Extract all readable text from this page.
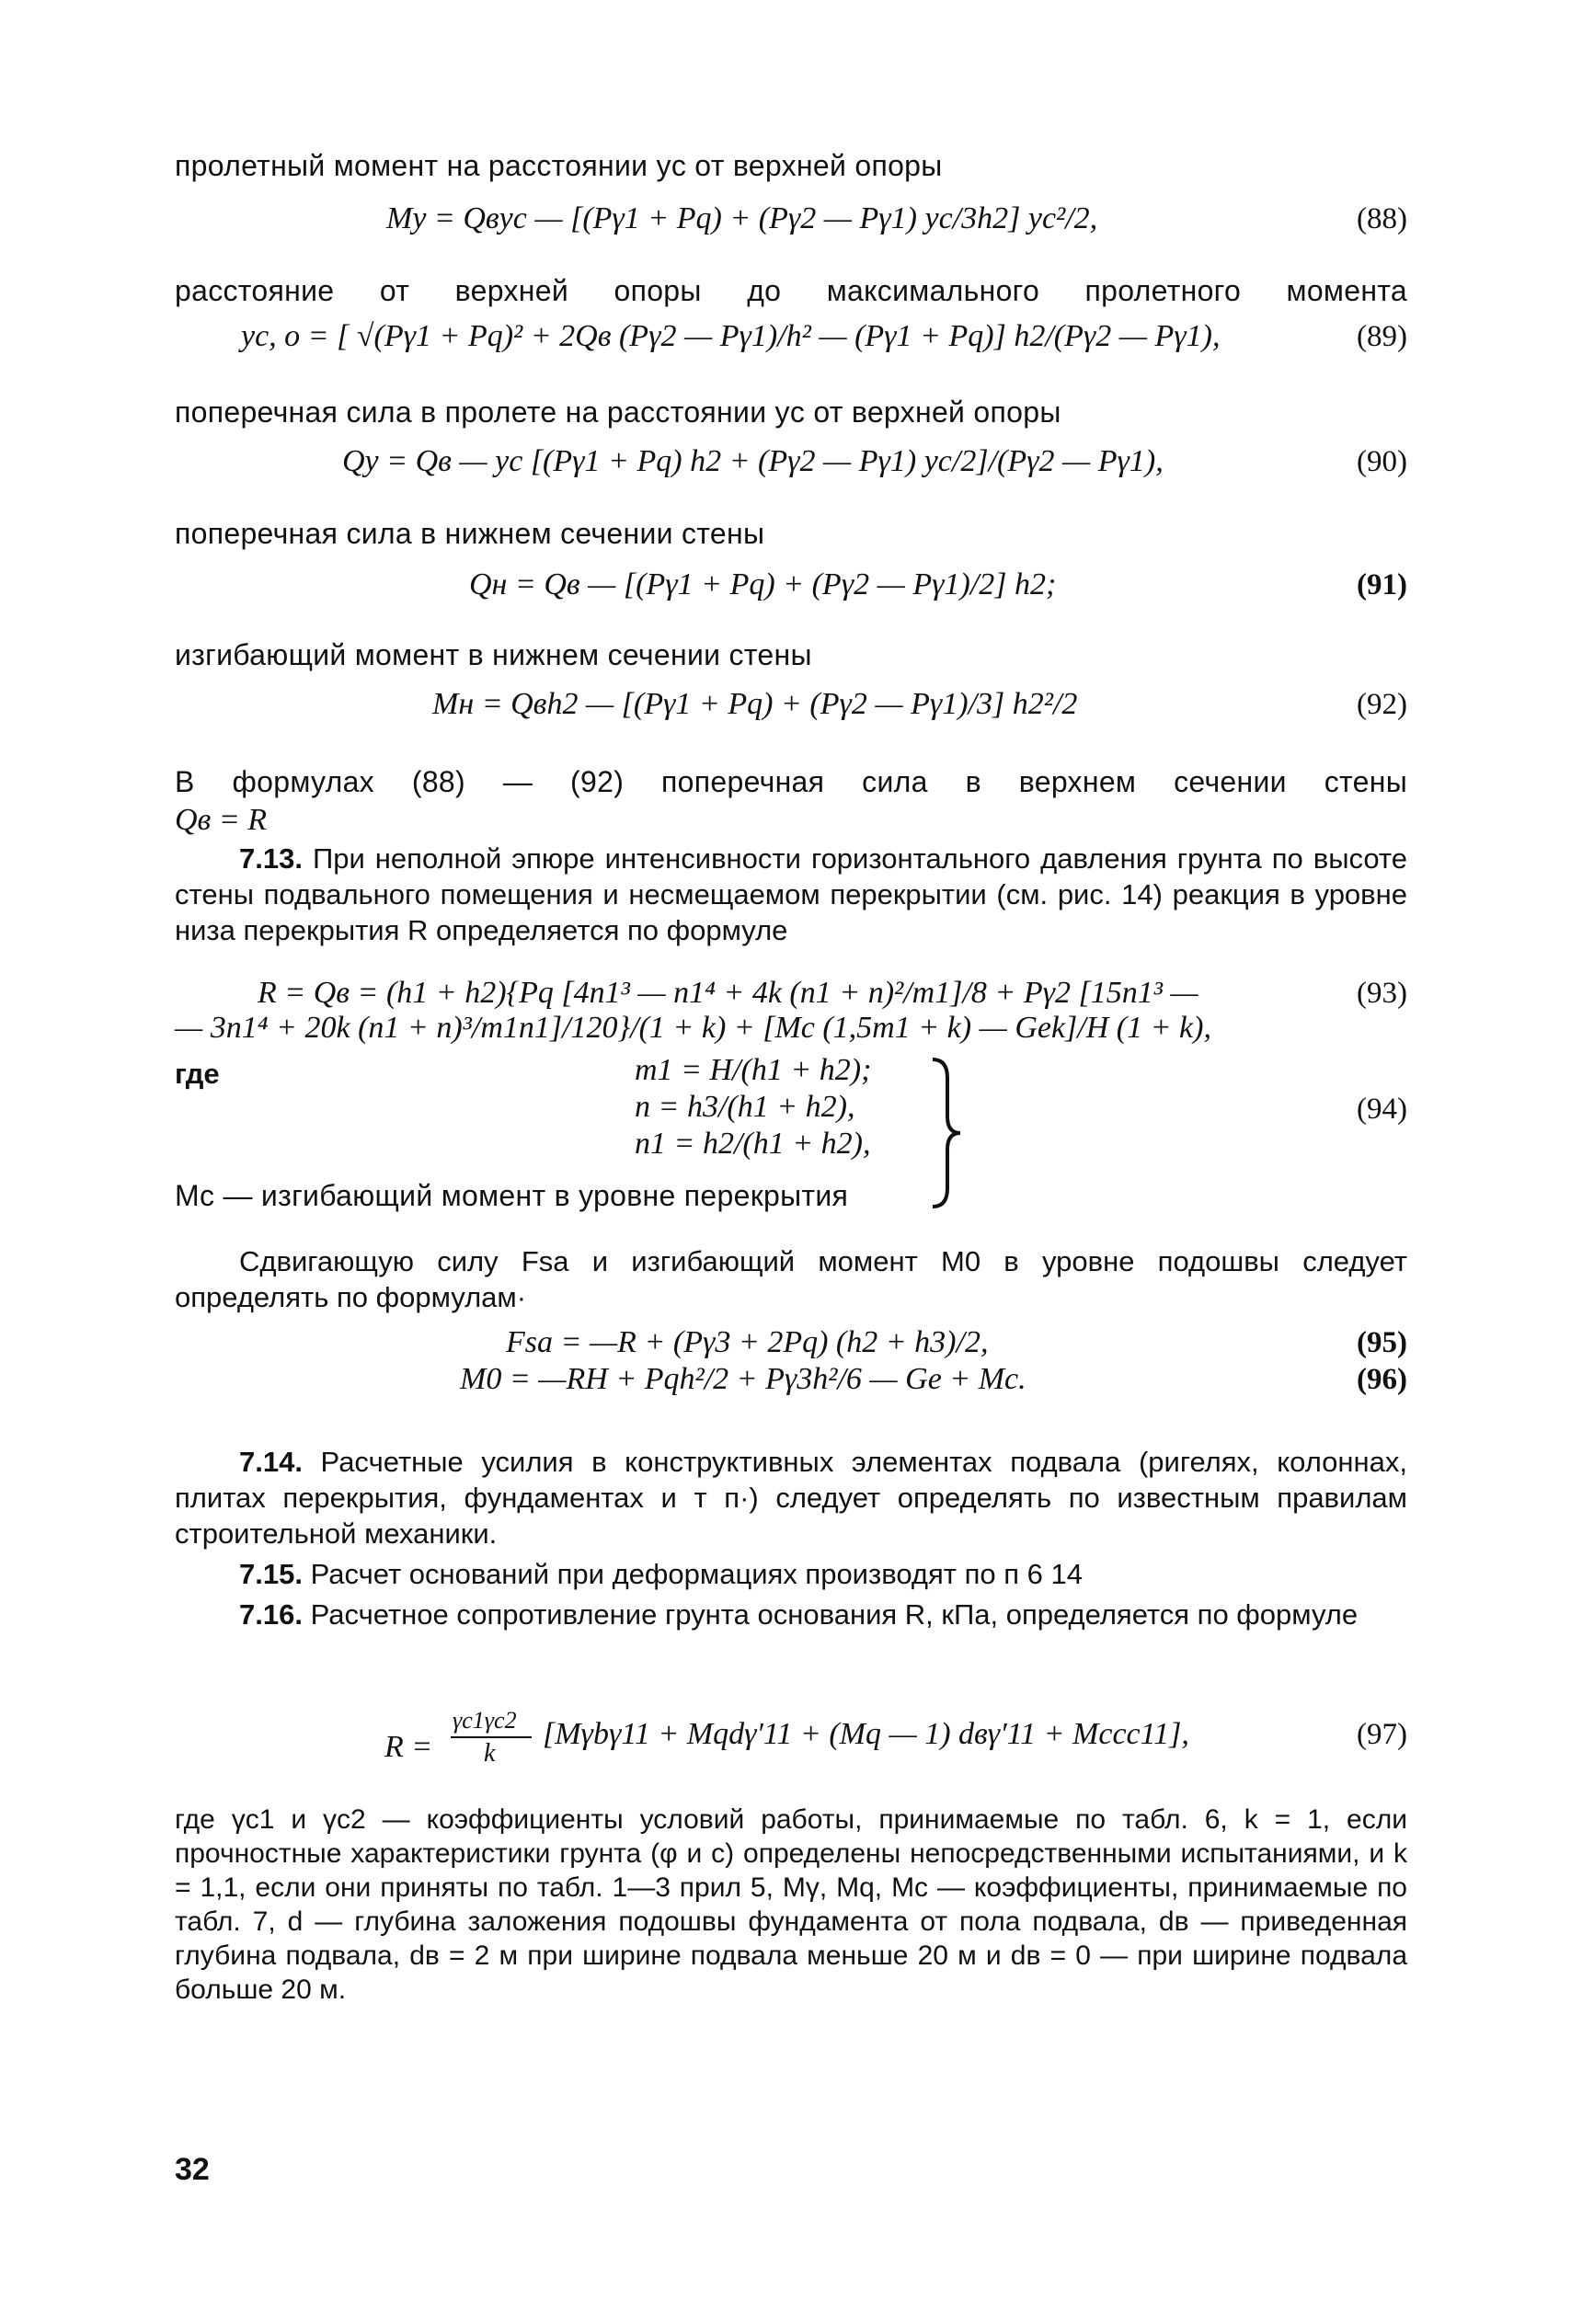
пролетный момент на расстоянии yc от верхней опоры
My = Qвyc — [(Pγ1 + Pq) + (Pγ2 — Pγ1) yc/3h2] yc²/2,	(88)
расстояние от верхней опоры до максимального пролетного момента
yc, o = [ √(Pγ1 + Pq)² + 2Qв (Pγ2 — Pγ1)/h² — (Pγ1 + Pq)] h2/(Pγ2 — Pγ1),	(89)
поперечная сила в пролете на расстоянии yc от верхней опоры
Qy = Qв — yc [(Pγ1 + Pq) h2 + (Pγ2 — Pγ1) yc/2]/(Pγ2 — Pγ1),	(90)
поперечная сила в нижнем сечении стены
Qн = Qв — [(Pγ1 + Pq) + (Pγ2 — Pγ1)/2] h2;	(91)
изгибающий момент в нижнем сечении стены
Mн = Qвh2 — [(Pγ1 + Pq) + (Pγ2 — Pγ1)/3] h2²/2	(92)
В формулах (88) — (92) поперечная сила в верхнем сечении стены
Qв = R
7.13. При неполной эпюре интенсивности горизонтального давления грунта по высоте стены подвального помещения и несмещаемом перекрытии (см. рис. 14) реакция в уровне низа перекрытия R определяется по формуле
R = Qв = (h1 + h2){Pq [4n1³ — n1⁴ + 4k (n1 + n)²/m1]/8 + Pγ2 [15n1³ —	(93)
— 3n1⁴ + 20k (n1 + n)³/m1n1]/120}/(1 + k) + [Mc (1,5m1 + k) — Gek]/H (1 + k),
где	m1 = H/(h1 + h2);
n = h3/(h1 + h2),
n1 = h2/(h1 + h2),
(94)
Mc — изгибающий момент в уровне перекрытия
Сдвигающую силу Fsa и изгибающий момент M0 в уровне подошвы следует определять по формулам·
Fsa = —R + (Pγ3 + 2Pq) (h2 + h3)/2,	(95)
M0 = —RH + Pqh²/2 + Pγ3h²/6 — Ge + Mc.	(96)
7.14. Расчетные усилия в конструктивных элементах подвала (ригелях, колоннах, плитах перекрытия, фундаментах и т п·) следует определять по известным правилам строительной механики.
7.15. Расчет оснований при деформациях производят по п 6 14
7.16. Расчетное сопротивление грунта основания R, кПа, определяется по формуле
R =
γc1γc2
k
[Mγbγ11 + Mqdγ′11 + (Mq — 1) dвγ′11 + Mccc11],	(97)
где γc1 и γc2 — коэффициенты условий работы, принимаемые по табл. 6, k = 1, если прочностные характеристики грунта (φ и c) определены непосредственными испытаниями, и k = 1,1, если они приняты по табл. 1—3 прил 5, Mγ, Mq, Mc — коэффициенты, принимаемые по табл. 7, d — глубина заложения подошвы фундамента от пола подвала, dв — приведенная глубина подвала, dв = 2 м при ширине подвала меньше 20 м и dв = 0 — при ширине подвала больше 20 м.
32
